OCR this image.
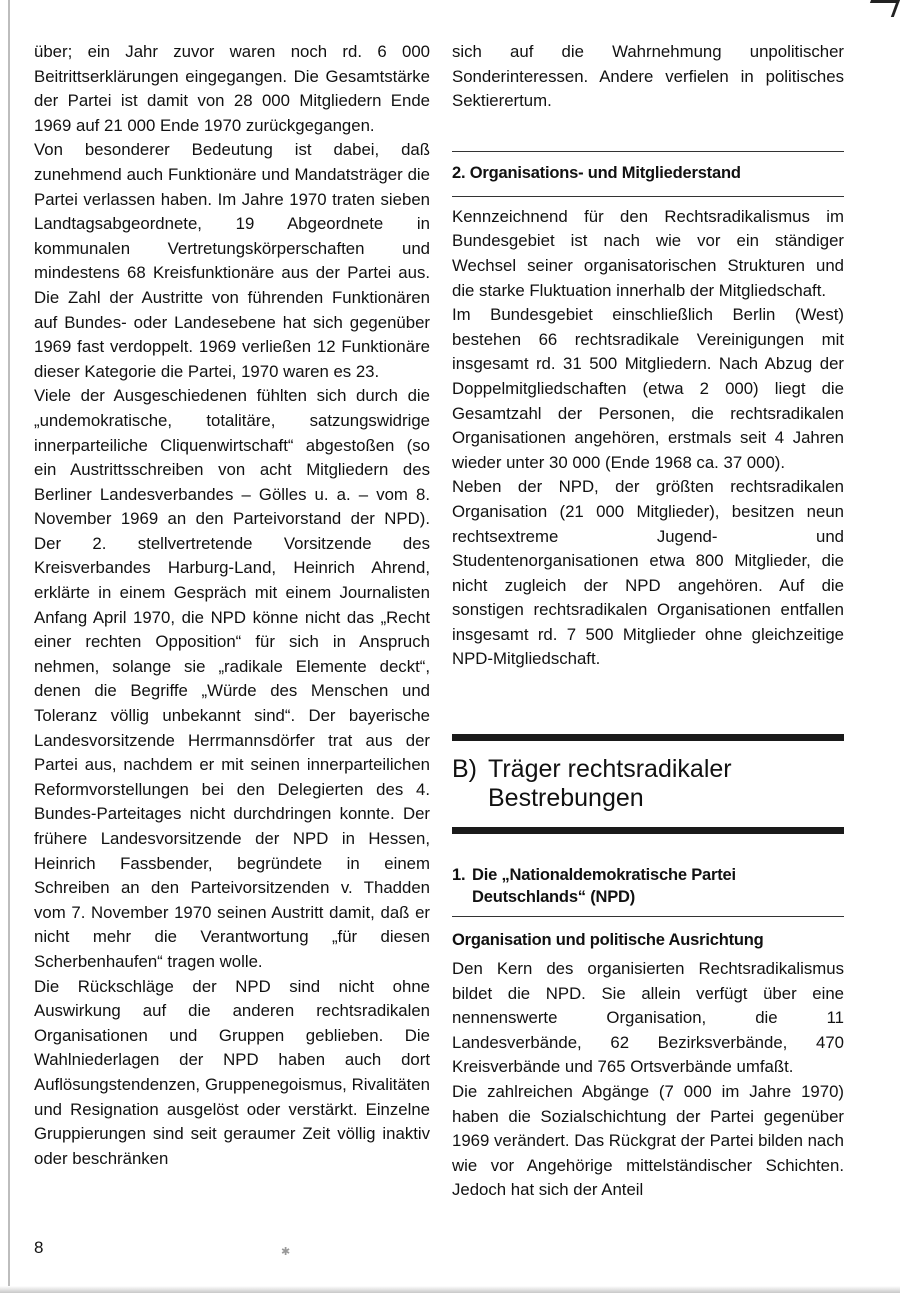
über; ein Jahr zuvor waren noch rd. 6 000 Beitrittserklärungen eingegangen. Die Gesamtstärke der Partei ist damit von 28 000 Mitgliedern Ende 1969 auf 21 000 Ende 1970 zurückgegangen.

Von besonderer Bedeutung ist dabei, daß zunehmend auch Funktionäre und Mandatsträger die Partei verlassen haben. Im Jahre 1970 traten sieben Landtagsabgeordnete, 19 Abgeordnete in kommunalen Vertretungskörperschaften und mindestens 68 Kreisfunktionäre aus der Partei aus. Die Zahl der Austritte von führenden Funktionären auf Bundes- oder Landesebene hat sich gegenüber 1969 fast verdoppelt. 1969 verließen 12 Funktionäre dieser Kategorie die Partei, 1970 waren es 23.

Viele der Ausgeschiedenen fühlten sich durch die „undemokratische, totalitäre, satzungswidrige innerparteiliche Cliquenwirtschaft“ abgestoßen (so ein Austrittsschreiben von acht Mitgliedern des Berliner Landesverbandes – Gölles u. a. – vom 8. November 1969 an den Parteivorstand der NPD). Der 2. stellvertretende Vorsitzende des Kreisverbandes Harburg-Land, Heinrich Ahrend, erklärte in einem Gespräch mit einem Journalisten Anfang April 1970, die NPD könne nicht das „Recht einer rechten Opposition“ für sich in Anspruch nehmen, solange sie „radikale Elemente deckt“, denen die Begriffe „Würde des Menschen und Toleranz völlig unbekannt sind“. Der bayerische Landesvorsitzende Herrmannsdörfer trat aus der Partei aus, nachdem er mit seinen innerparteilichen Reformvorstellungen bei den Delegierten des 4. Bundes-Parteitages nicht durchdringen konnte. Der frühere Landesvorsitzende der NPD in Hessen, Heinrich Fassbender, begründete in einem Schreiben an den Parteivorsitzenden v. Thadden vom 7. November 1970 seinen Austritt damit, daß er nicht mehr die Verantwortung „für diesen Scherbenhaufen“ tragen wolle.

Die Rückschläge der NPD sind nicht ohne Auswirkung auf die anderen rechtsradikalen Organisationen und Gruppen geblieben. Die Wahlniederlagen der NPD haben auch dort Auflösungstendenzen, Gruppenegoismus, Rivalitäten und Resignation ausgelöst oder verstärkt. Einzelne Gruppierungen sind seit geraumer Zeit völlig inaktiv oder beschränken

sich auf die Wahrnehmung unpolitischer Sonderinteressen. Andere verfielen in politisches Sektierertum.

2. Organisations- und Mitgliederstand

Kennzeichnend für den Rechtsradikalismus im Bundesgebiet ist nach wie vor ein ständiger Wechsel seiner organisatorischen Strukturen und die starke Fluktuation innerhalb der Mitgliedschaft.

Im Bundesgebiet einschließlich Berlin (West) bestehen 66 rechtsradikale Vereinigungen mit insgesamt rd. 31 500 Mitgliedern. Nach Abzug der Doppelmitgliedschaften (etwa 2 000) liegt die Gesamtzahl der Personen, die rechtsradikalen Organisationen angehören, erstmals seit 4 Jahren wieder unter 30 000 (Ende 1968 ca. 37 000).

Neben der NPD, der größten rechtsradikalen Organisation (21 000 Mitglieder), besitzen neun rechtsextreme Jugend- und Studentenorganisationen etwa 800 Mitglieder, die nicht zugleich der NPD angehören. Auf die sonstigen rechtsradikalen Organisationen entfallen insgesamt rd. 7 500 Mitglieder ohne gleichzeitige NPD-Mitgliedschaft.

B) Träger rechtsradikaler
Bestrebungen
1. Die „Nationaldemokratische Partei
Deutschlands“ (NPD)

Organisation und politische Ausrichtung

Den Kern des organisierten Rechtsradikalismus bildet die NPD. Sie allein verfügt über eine nennenswerte Organisation, die 11 Landesverbände, 62 Bezirksverbände, 470 Kreisverbände und 765 Ortsverbände umfaßt.

Die zahlreichen Abgänge (7 000 im Jahre 1970) haben die Sozialschichtung der Partei gegenüber 1969 verändert. Das Rückgrat der Partei bilden nach wie vor Angehörige mittelständischer Schichten. Jedoch hat sich der Anteil

8	✱
